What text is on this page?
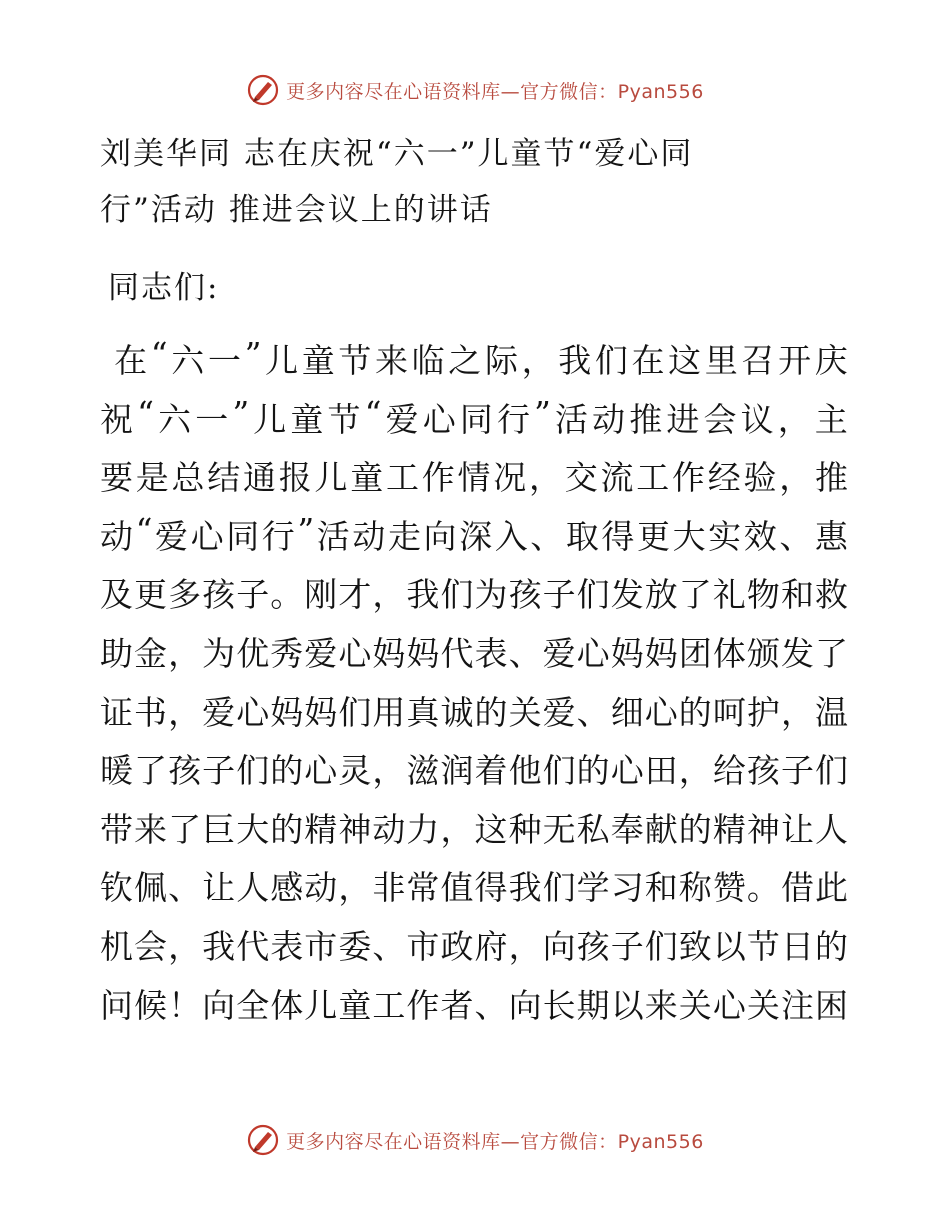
更多内容尽在心语资料库—官方微信：Pyan556
刘美华同 志在庆祝“六一”儿童节“爱心同
行”活动 推进会议上的讲话
同志们:

在 “ 六 一 ” 儿 童 节 来 临 之 际 ， 我 们 在 这 里 召 开 庆
祝 “ 六 一 ” 儿 童 节 “ 爱 心 同 行 ” 活 动 推 进 会 议 ， 主
要 是 总 结 通 报 儿 童 工 作 情 况 ， 交 流 工 作 经 验 ， 推
动 “ 爱 心 同 行 ” 活 动 走 向 深 入 、 取 得 更 大 实 效 、 惠
及 更 多 孩 子 。 刚 才 ， 我 们 为 孩 子 们 发 放 了 礼 物 和 救
助 金 ， 为 优 秀 爱 心 妈 妈 代 表 、 爱 心 妈 妈 团 体 颁 发 了
证 书 ， 爱 心 妈 妈 们 用 真 诚 的 关 爱 、 细 心 的 呵 护 ， 温
暖 了 孩 子 们 的 心 灵 ， 滋 润 着 他 们 的 心 田 ， 给 孩 子 们
带 来 了 巨 大 的 精 神 动 力 ， 这 种 无 私 奉 献 的 精 神 让 人
钦 佩 、 让 人 感 动 ， 非 常 值 得 我 们 学 习 和 称 赞 。 借 此
机 会 ， 我 代 表 市 委 、 市 政 府 ， 向 孩 子 们 致 以 节 日 的
问 候 ！ 向 全 体 儿 童 工 作 者 、 向 长 期 以 来 关 心 关 注 困
更多内容尽在心语资料库—官方微信：Pyan556
